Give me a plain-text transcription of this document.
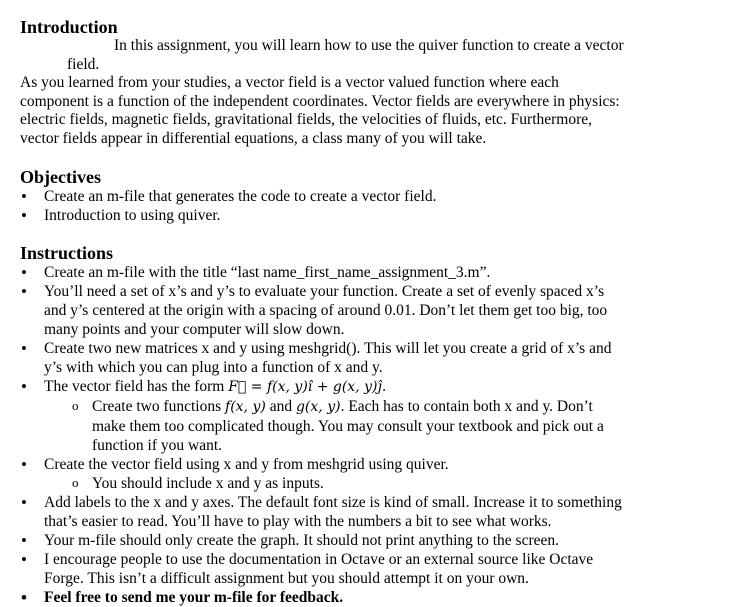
Introduction

In this assignment, you will learn how to use the quiver function to create a vector field.
As you learned from your studies, a vector field is a vector valued function where each
component is a function of the independent coordinates. Vector fields are everywhere in physics:
electric fields, magnetic fields, gravitational fields, the velocities of fluids, etc. Furthermore,
vector fields appear in differential equations, a class many of you will take.

Objectives
• Create an m-file that generates the code to create a vector field.
• Introduction to using quiver.
Instructions
• Create an m-file with the title “last name_first_name_assignment_3.m”.
• You’ll need a set of x’s and y’s to evaluate your function. Create a set of evenly spaced x’s
and y’s centered at the origin with a spacing of around 0.01. Don’t let them get too big, too
many points and your computer will slow down.
• Create two new matrices x and y using meshgrid(). This will let you create a grid of x’s and
y’s with which you can plug into a function of x and y.
• The vector field has the form F⃗ = f(x, y)ı̂ + g(x, y)ȷ̂.
o Create two functions f(x, y) and g(x, y). Each has to contain both x and y. Don’t
make them too complicated though. You may consult your textbook and pick out a
function if you want.
• Create the vector field using x and y from meshgrid using quiver.
o You should include x and y as inputs.
• Add labels to the x and y axes. The default font size is kind of small. Increase it to something
that’s easier to read. You’ll have to play with the numbers a bit to see what works.
• Your m-file should only create the graph. It should not print anything to the screen.
• I encourage people to use the documentation in Octave or an external source like Octave
Forge. This isn’t a difficult assignment but you should attempt it on your own.
• Feel free to send me your m-file for feedback.
